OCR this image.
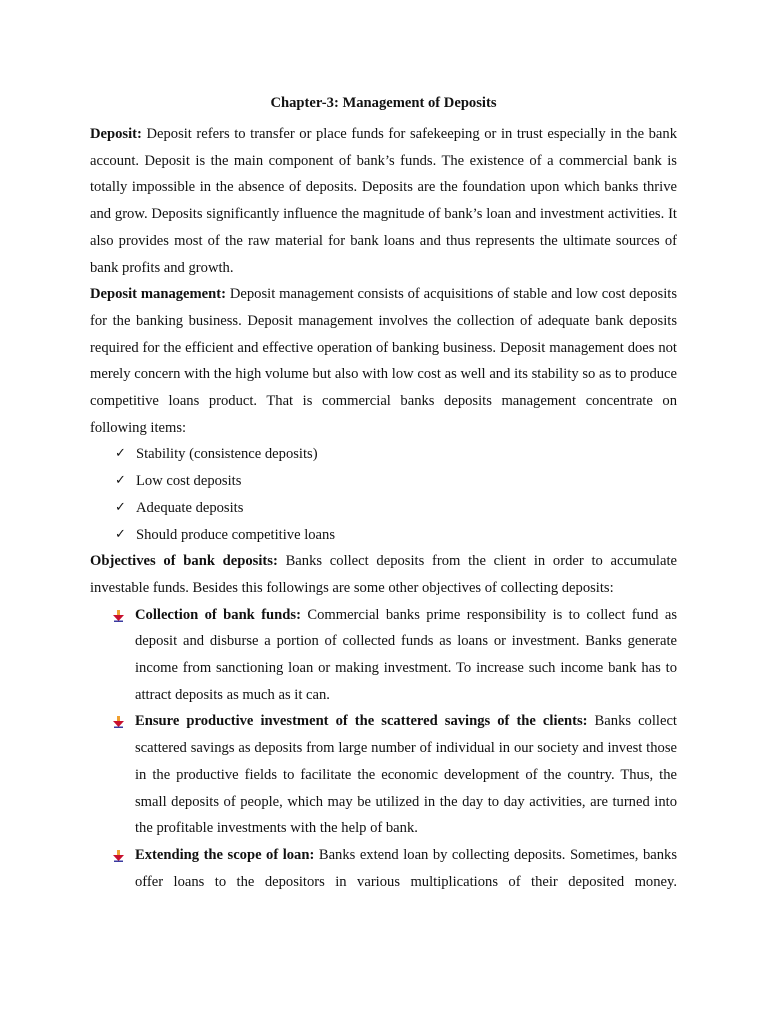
Chapter-3: Management of Deposits

Deposit: Deposit refers to transfer or place funds for safekeeping or in trust especially in the bank account. Deposit is the main component of bank’s funds. The existence of a commercial bank is totally impossible in the absence of deposits. Deposits are the foundation upon which banks thrive and grow. Deposits significantly influence the magnitude of bank’s loan and investment activities. It also provides most of the raw material for bank loans and thus represents the ultimate sources of bank profits and growth.

Deposit management: Deposit management consists of acquisitions of stable and low cost deposits for the banking business. Deposit management involves the collection of adequate bank deposits required for the efficient and effective operation of banking business. Deposit management does not merely concern with the high volume but also with low cost as well and its stability so as to produce competitive loans product. That is commercial banks deposits management concentrate on following items:

✓ Stability (consistence deposits)
✓ Low cost deposits
✓ Adequate deposits
✓ Should produce competitive loans

Objectives of bank deposits: Banks collect deposits from the client in order to accumulate investable funds. Besides this followings are some other objectives of collecting deposits:

Collection of bank funds: Commercial banks prime responsibility is to collect fund as deposit and disburse a portion of collected funds as loans or investment. Banks generate income from sanctioning loan or making investment. To increase such income bank has to attract deposits as much as it can.
Ensure productive investment of the scattered savings of the clients: Banks collect scattered savings as deposits from large number of individual in our society and invest those in the productive fields to facilitate the economic development of the country. Thus, the small deposits of people, which may be utilized in the day to day activities, are turned into the profitable investments with the help of bank.
Extending the scope of loan: Banks extend loan by collecting deposits. Sometimes, banks offer loans to the depositors in various multiplications of their deposited money.
